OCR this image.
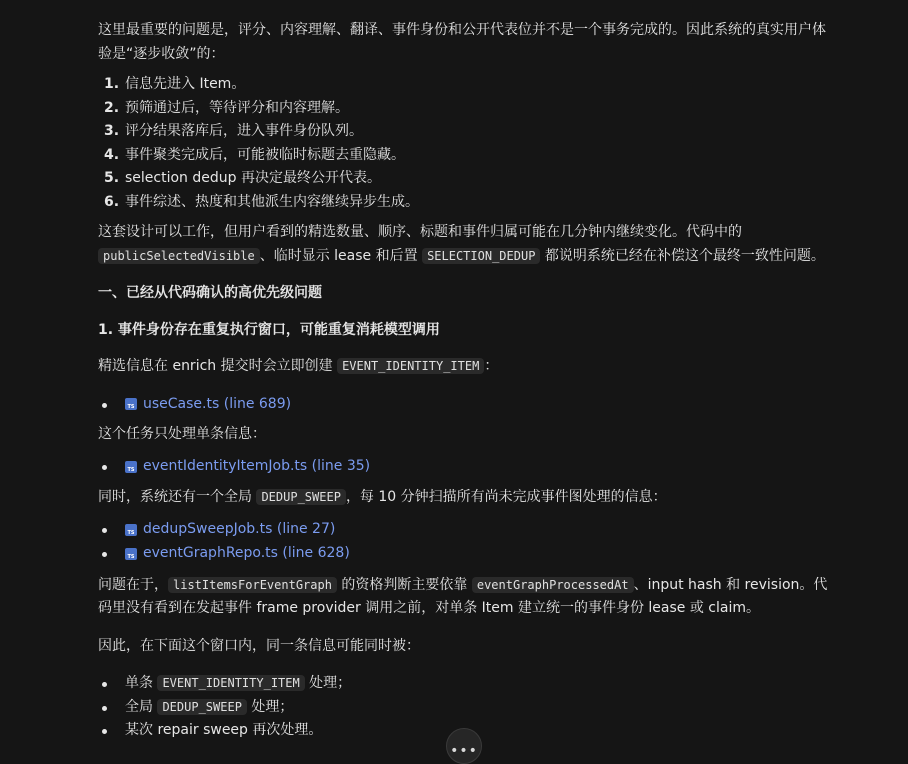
这里最重要的问题是，评分、内容理解、翻译、事件身份和公开代表位并不是一个事务完成的。因此系统的真实用户体验是“逐步收敛”的：

1. 信息先进入 Item。
2. 预筛通过后，等待评分和内容理解。
3. 评分结果落库后，进入事件身份队列。
4. 事件聚类完成后，可能被临时标题去重隐藏。
5. selection dedup 再决定最终公开代表。
6. 事件综述、热度和其他派生内容继续异步生成。

这套设计可以工作，但用户看到的精选数量、顺序、标题和事件归属可能在几分钟内继续变化。代码中的 publicSelectedVisible 、临时显示 lease 和后置 SELECTION_DEDUP 都说明系统已经在补偿这个最终一致性问题。

一、已经从代码确认的高优先级问题

1. 事件身份存在重复执行窗口，可能重复消耗模型调用

精选信息在 enrich 提交时会立即创建 EVENT_IDENTITY_ITEM ：

TS
useCase.ts (line 689)

这个任务只处理单条信息：

TS
eventIdentityItemJob.ts (line 35)

同时，系统还有一个全局 DEDUP_SWEEP ，每 10 分钟扫描所有尚未完成事件图处理的信息：

TS
dedupSweepJob.ts (line 27)
TS
eventGraphRepo.ts (line 628)

问题在于， listItemsForEventGraph 的资格判断主要依靠 eventGraphProcessedAt 、input hash 和 revision。代码里没有看到在发起事件 frame provider 调用之前，对单条 Item 建立统一的事件身份 lease 或 claim。

因此，在下面这个窗口内，同一条信息可能同时被：

单条 EVENT_IDENTITY_ITEM 处理；
全局 DEDUP_SWEEP 处理；
某次 repair sweep 再次处理。
•••
